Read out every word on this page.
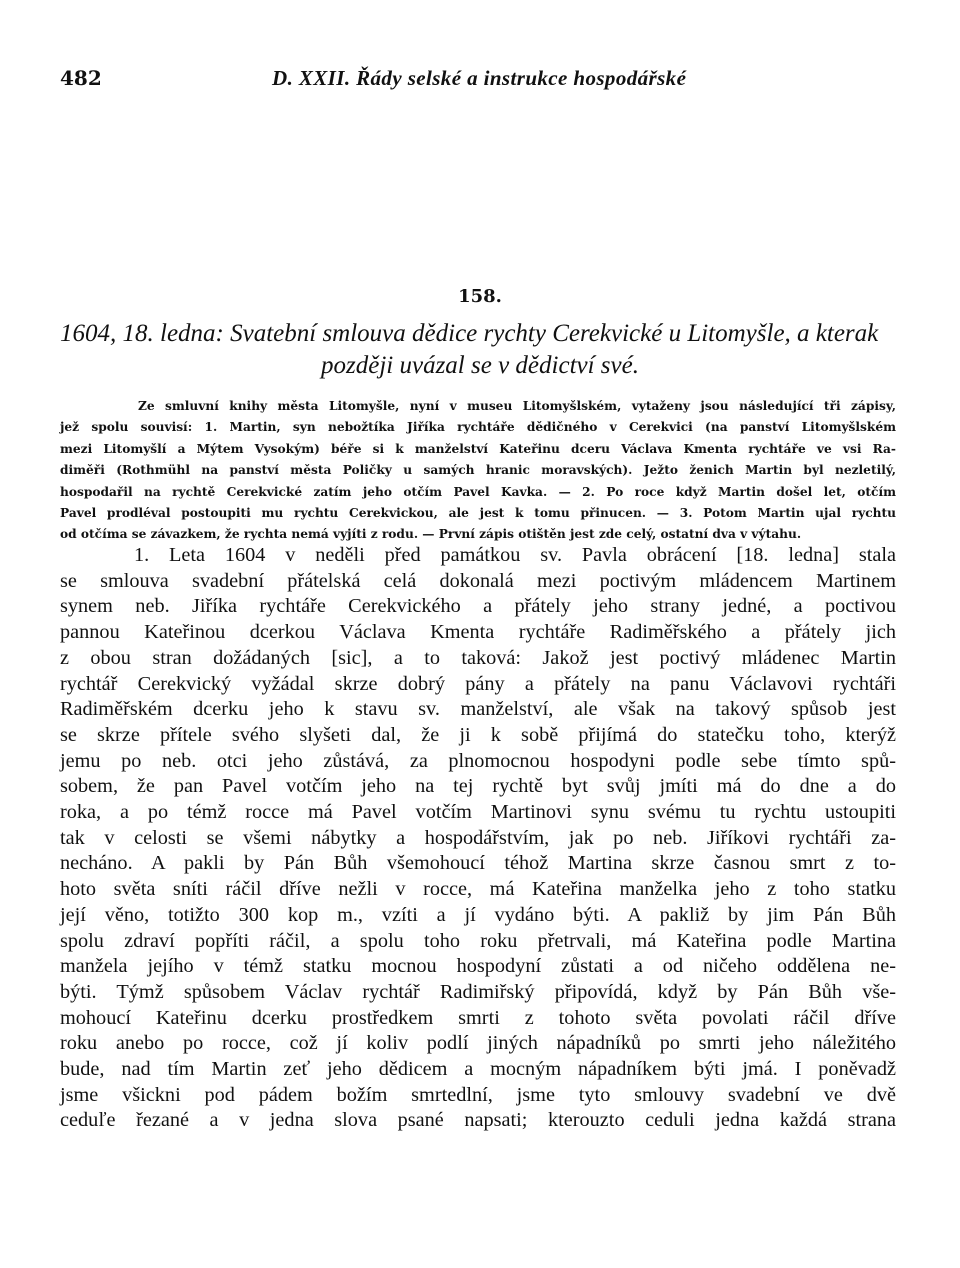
482	D. XXII. Řády selské a instrukce hospodářské
158.
1604, 18. ledna: Svatební smlouva dědice rychty Cerekvické u Litomyšle, a kterak
později uvázal se v dědictví své.
Ze smluvní knihy města Litomyšle, nyní v museu Litomyšlském, vytaženy jsou následující tři zápisy,
jež spolu souvisí: 1. Martin, syn nebožtíka Jiříka rychtáře dědičného v Cerekvici (na panství Litomyšlském
mezi Litomyšlí a Mýtem Vysokým) béře si k manželství Kateřinu dceru Václava Kmenta rychtáře ve vsi Ra-
diměři (Rothmühl na panství města Poličky u samých hranic moravských). Ježto ženich Martin byl nezletilý,
hospodařil na rychtě Cerekvické zatím jeho otčím Pavel Kavka. — 2. Po roce když Martin došel let, otčím
Pavel prodléval postoupiti mu rychtu Cerekvickou, ale jest k tomu přinucen. — 3. Potom Martin ujal rychtu
od otčíma se závazkem, že rychta nemá vyjíti z rodu. — První zápis otištěn jest zde celý, ostatní dva v výtahu.
1. Leta 1604 v neděli před památkou sv. Pavla obrácení [18. ledna] stala
se smlouva svadební přátelská celá dokonalá mezi poctivým mládencem Martinem
synem neb. Jiříka rychtáře Cerekvického a přátely jeho strany jedné, a poctivou
pannou Kateřinou dcerkou Václava Kmenta rychtáře Radiměřského a přátely jich
z obou stran dožádaných [sic], a to taková: Jakož jest poctivý mládenec Martin
rychtář Cerekvický vyžádal skrze dobrý pány a přátely na panu Václavovi rychtáři
Radiměřském dcerku jeho k stavu sv. manželství, ale však na takový spůsob jest
se skrze přítele svého slyšeti dal, že ji k sobě přijímá do statečku toho, kterýž
jemu po neb. otci jeho zůstává, za plnomocnou hospodyni podle sebe tímto spů-
sobem, že pan Pavel votčím jeho na tej rychtě byt svůj jmíti má do dne a do
roka, a po témž rocce má Pavel votčím Martinovi synu svému tu rychtu ustoupiti
tak v celosti se všemi nábytky a hospodářstvím, jak po neb. Jiříkovi rychtáři za-
necháno. A pakli by Pán Bůh všemohoucí téhož Martina skrze časnou smrt z to-
hoto světa sníti ráčil dříve nežli v rocce, má Kateřina manželka jeho z toho statku
její věno, totižto 300 kop m., vzíti a jí vydáno býti. A pakliž by jim Pán Bůh
spolu zdraví popříti ráčil, a spolu toho roku přetrvali, má Kateřina podle Martina
manžela jejího v témž statku mocnou hospodyní zůstati a od ničeho oddělena ne-
býti. Týmž spůsobem Václav rychtář Radimiřský připovídá, když by Pán Bůh vše-
mohoucí Kateřinu dcerku prostředkem smrti z tohoto světa povolati ráčil dříve
roku anebo po rocce, což jí koliv podlí jiných nápadníků po smrti jeho náležitého
bude, nad tím Martin zeť jeho dědicem a mocným nápadníkem býti jmá. I poněvadž
jsme všickni pod pádem božím smrtedlní, jsme tyto smlouvy svadební ve dvě
ceduľe řezané a v jedna slova psané napsati; kterouzto ceduli jedna každá strana
